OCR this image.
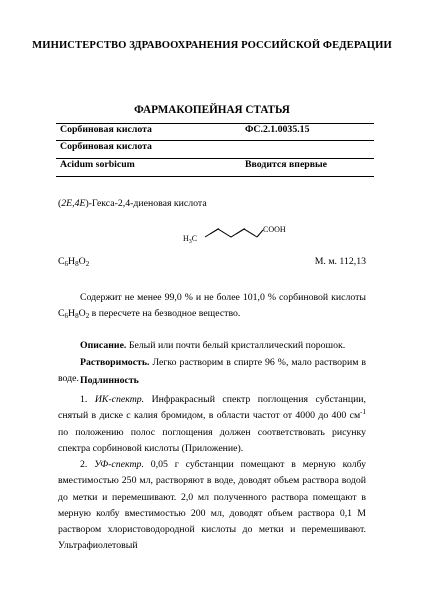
МИНИСТЕРСТВО ЗДРАВООХРАНЕНИЯ РОССИЙСКОЙ ФЕДЕРАЦИИ
ФАРМАКОПЕЙНАЯ СТАТЬЯ
Сорбиновая кислота	ФС.2.1.0035.15
Сорбиновая кислота
Acidum sorbicum	Вводится впервые
(2E,4E)-Гекса-2,4-диеновая кислота
COOH
$H_3C$
$C_6H_8O_2$	М. м. 112,13
Содержит не менее 99,0 % и не более 101,0 % сорбиновой кислоты $C_6H_8O_2$ в пересчете на безводное вещество.
Описание. Белый или почти белый кристаллический порошок.
Растворимость. Легко растворим в спирте 96 %, мало растворим в воде. Подлинность
1. ИК-спектр. Инфракрасный спектр поглощения субстанции, снятый в диске с калия бромидом, в области частот от 4000 до 400 $см^{-1}$ по положению полос поглощения должен соответствовать рисунку спектра сорбиновой кислоты (Приложение).
2. УФ-спектр. 0,05 г субстанции помещают в мерную колбу вместимостью 250 мл, растворяют в воде, доводят объем раствора водой до метки и перемешивают. 2,0 мл полученного раствора помещают в мерную колбу вместимостью 200 мл, доводят объем раствора 0,1 М раствором хлористоводородной кислоты до метки и перемешивают. Ультрафиолетовый
